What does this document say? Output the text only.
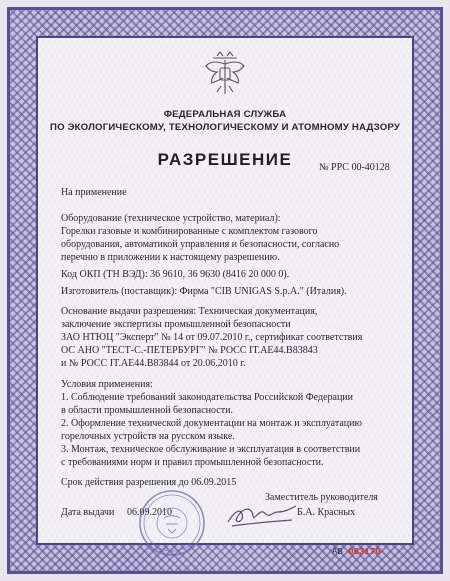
ФЕДЕРАЛЬНАЯ СЛУЖБА
ПО ЭКОЛОГИЧЕСКОМУ, ТЕХНОЛОГИЧЕСКОМУ И АТОМНОМУ НАДЗОРУ
РАЗРЕШЕНИЕ	№ РРС 00-40128
На применение
Оборудование (техническое устройство, материал):
Горелки газовые и комбинированные с комплектом газового
оборудования, автоматикой управления и безопасности, согласно
перечню в приложении к настоящему разрешению.
Код ОКП (ТН ВЭД): 36 9610, 36 9630 (8416 20 000 0).
Изготовитель (поставщик): Фирма "CIB UNIGAS S.p.A." (Италия).
Основание выдачи разрешения: Техническая документация,
заключение экспертизы промышленной безопасности
ЗАО НТЮЦ "Эксперт" № 14 от 09.07.2010 г., сертификат соответствия
ОС АНО "ТЕСТ-С.-ПЕТЕРБУРГ" № РОСС IT.AE44.B83843
и № РОСС IT.AE44.B83844 от 20.06.2010 г.
Условия применения:
1. Соблюдение требований законодательства Российской Федерации
в области промышленной безопасности.
2. Оформление технической документации на монтаж и эксплуатацию
горелочных устройств на русском языке.
3. Монтаж, техническое обслуживание и эксплуатация в соответствии
с требованиями норм и правил промышленной безопасности.
Срок действия разрешения до 06.09.2015
Заместитель руководителя
Дата выдачи 06.09.2010	Б.А. Красных
АВ 063170
